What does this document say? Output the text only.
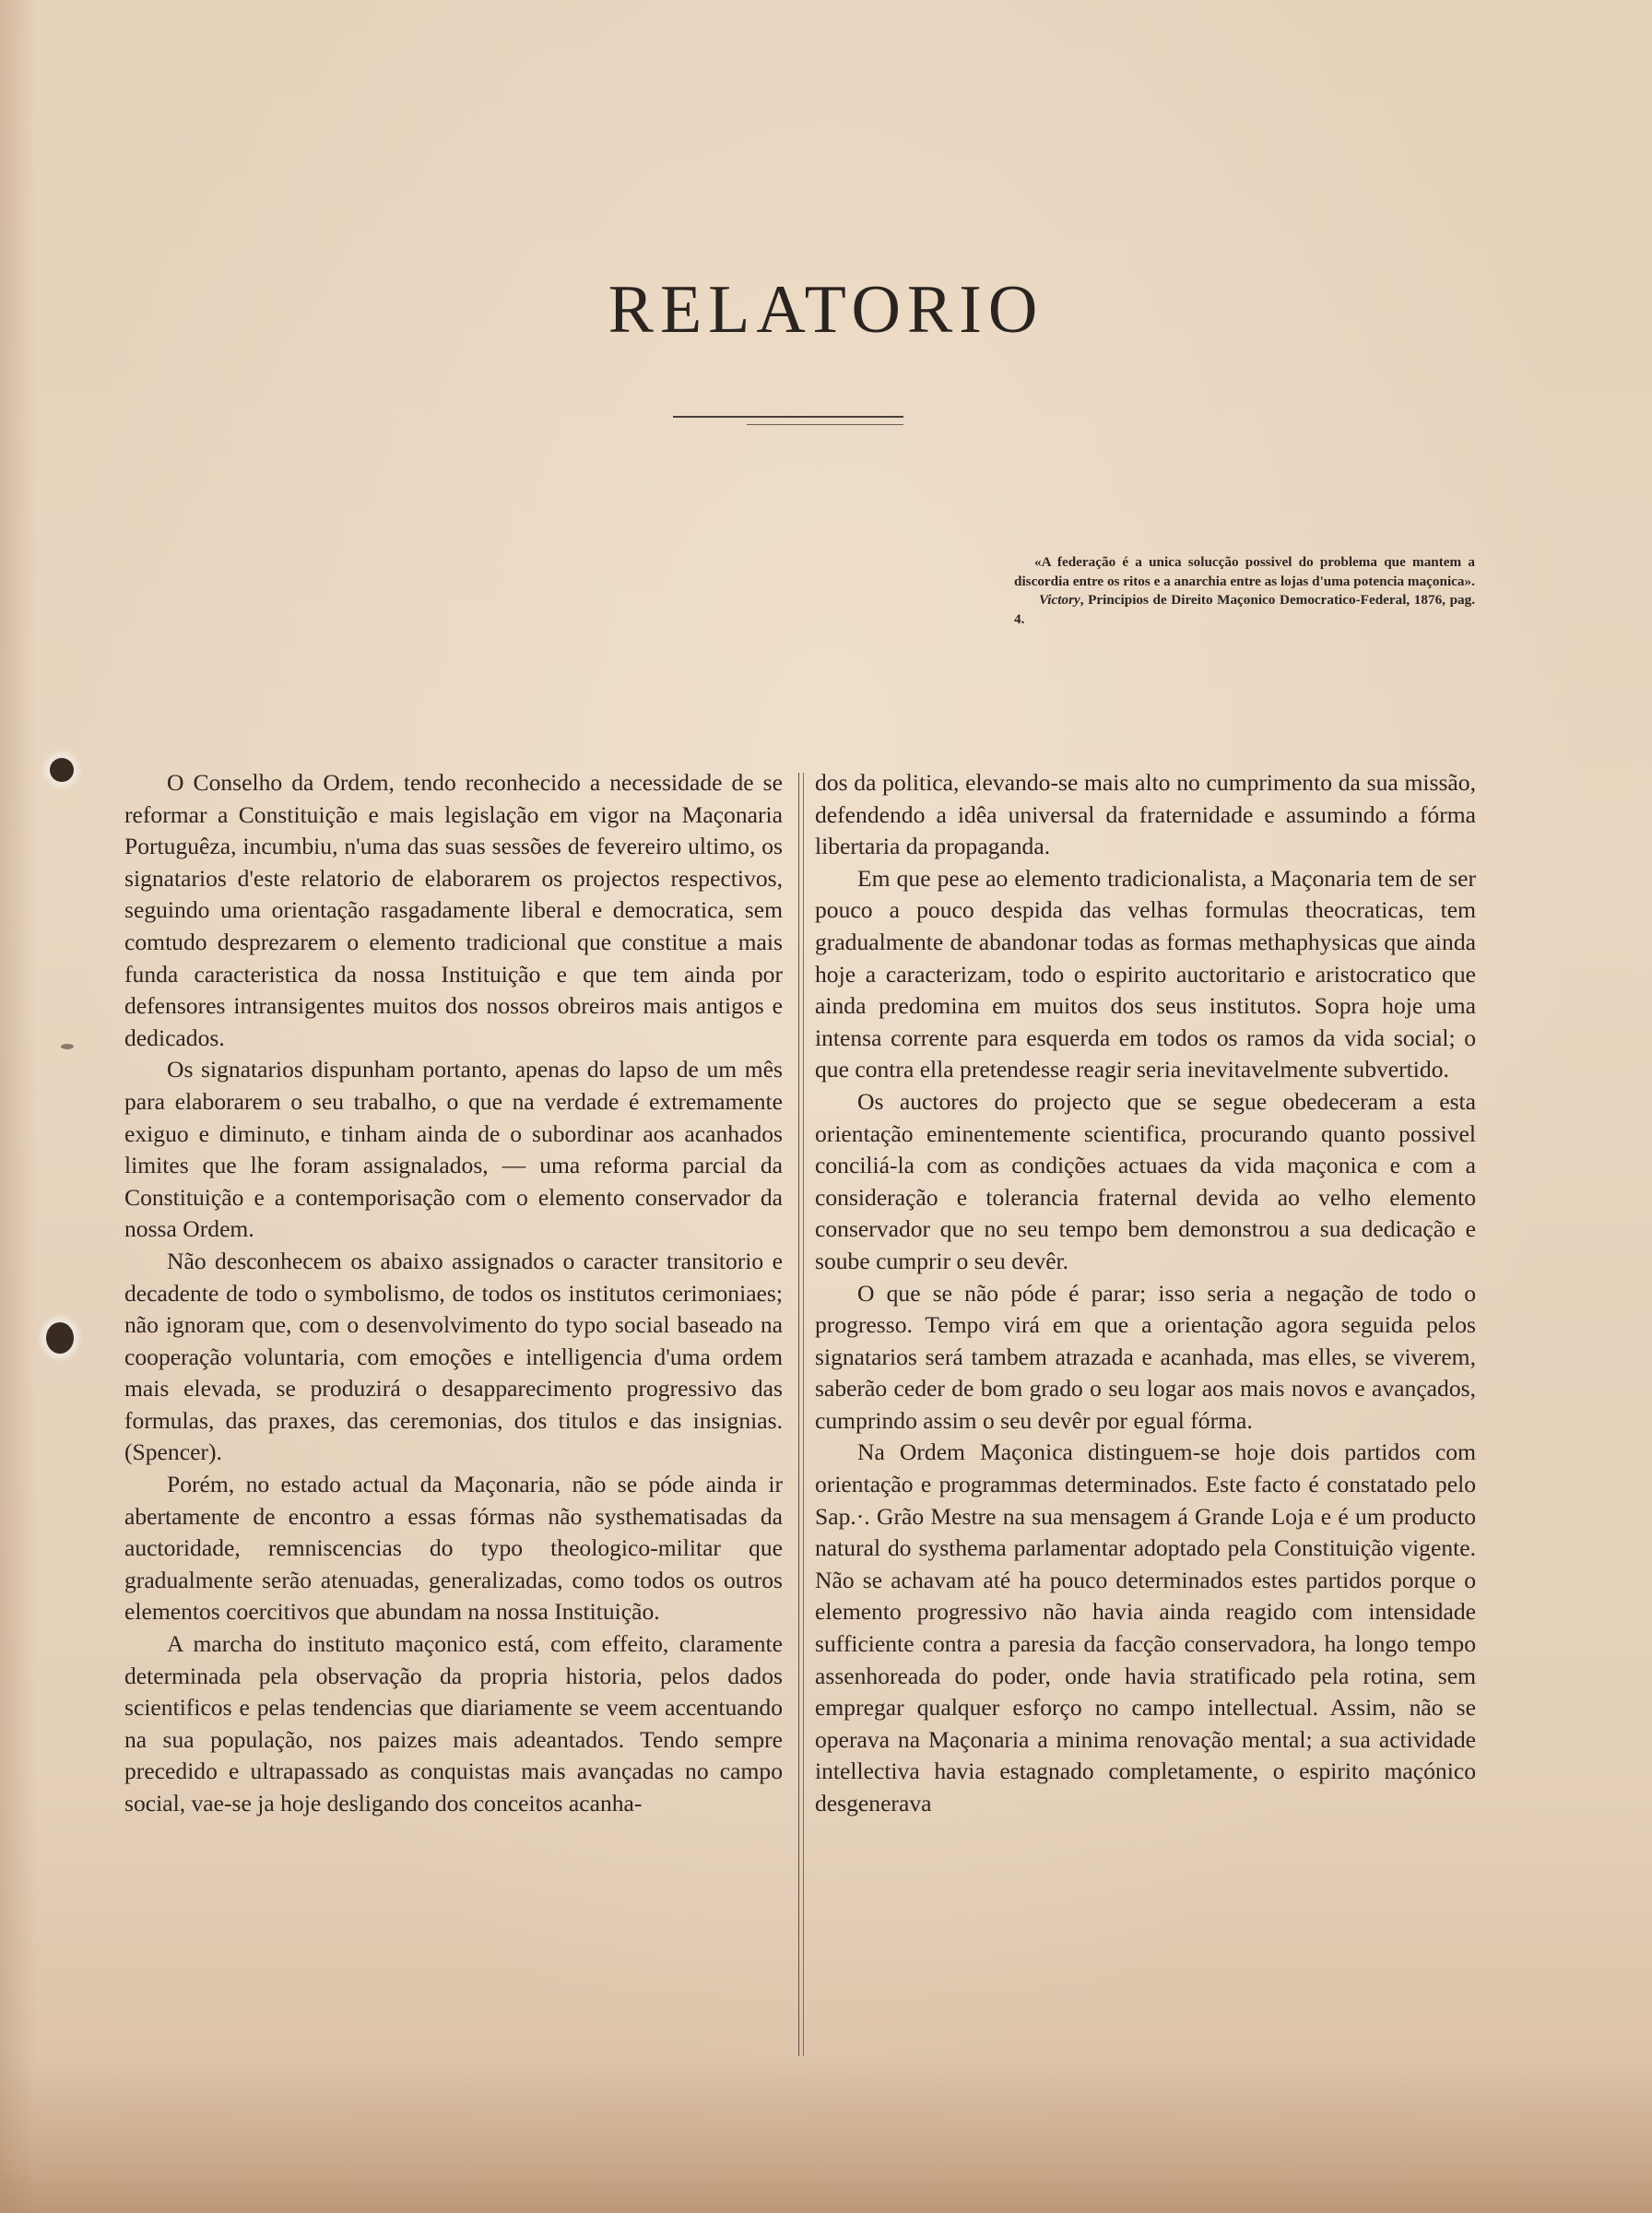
RELATORIO

«A federação é a unica solucção possivel do problema que mantem a discordia entre os ritos e a anarchia entre as lojas d'uma potencia maçonica».

Victory, Principios de Direito Maçonico Democratico-Federal, 1876, pag. 4.

O Conselho da Ordem, tendo reconhecido a necessidade de se reformar a Constituição e mais legislação em vigor na Maçonaria Portuguêza, incumbiu, n'uma das suas sessões de fevereiro ultimo, os signatarios d'este relatorio de elaborarem os projectos respectivos, seguindo uma orientação rasgadamente liberal e democratica, sem comtudo desprezarem o elemento tradicional que constitue a mais funda caracteristica da nossa Instituição e que tem ainda por defensores intransigentes muitos dos nossos obreiros mais antigos e dedicados.

Os signatarios dispunham portanto, apenas do lapso de um mês para elaborarem o seu trabalho, o que na verdade é extremamente exiguo e diminuto, e tinham ainda de o subordinar aos acanhados limites que lhe foram assignalados, — uma reforma parcial da Constituição e a contemporisação com o elemento conservador da nossa Ordem.

Não desconhecem os abaixo assignados o caracter transitorio e decadente de todo o symbolismo, de todos os institutos cerimoniaes; não ignoram que, com o desenvolvimento do typo social baseado na cooperação voluntaria, com emoções e intelligencia d'uma ordem mais elevada, se produzirá o desapparecimento progressivo das formulas, das praxes, das ceremonias, dos titulos e das insignias. (Spencer).

Porém, no estado actual da Maçonaria, não se póde ainda ir abertamente de encontro a essas fórmas não systhematisadas da auctoridade, remniscencias do typo theologico-militar que gradualmente serão atenuadas, generalizadas, como todos os outros elementos coercitivos que abundam na nossa Instituição.

A marcha do instituto maçonico está, com effeito, claramente determinada pela observação da propria historia, pelos dados scientificos e pelas tendencias que diariamente se veem accentuando na sua população, nos paizes mais adeantados. Tendo sempre precedido e ultrapassado as conquistas mais avançadas no campo social, vae-se ja hoje desligando dos conceitos acanha-

dos da politica, elevando-se mais alto no cumprimento da sua missão, defendendo a idêa universal da fraternidade e assumindo a fórma libertaria da propaganda.

Em que pese ao elemento tradicionalista, a Maçonaria tem de ser pouco a pouco despida das velhas formulas theocraticas, tem gradualmente de abandonar todas as formas methaphysicas que ainda hoje a caracterizam, todo o espirito auctoritario e aristocratico que ainda predomina em muitos dos seus institutos. Sopra hoje uma intensa corrente para esquerda em todos os ramos da vida social; o que contra ella pretendesse reagir seria inevitavelmente subvertido.

Os auctores do projecto que se segue obedeceram a esta orientação eminentemente scientifica, procurando quanto possivel conciliá-la com as condições actuaes da vida maçonica e com a consideração e tolerancia fraternal devida ao velho elemento conservador que no seu tempo bem demonstrou a sua dedicação e soube cumprir o seu devêr.

O que se não póde é parar; isso seria a negação de todo o progresso. Tempo virá em que a orientação agora seguida pelos signatarios será tambem atrazada e acanhada, mas elles, se viverem, saberão ceder de bom grado o seu logar aos mais novos e avançados, cumprindo assim o seu devêr por egual fórma.

Na Ordem Maçonica distinguem-se hoje dois partidos com orientação e programmas determinados. Este facto é constatado pelo Sap.·. Grão Mestre na sua mensagem á Grande Loja e é um producto natural do systhema parlamentar adoptado pela Constituição vigente. Não se achavam até ha pouco determinados estes partidos porque o elemento progressivo não havia ainda reagido com intensidade sufficiente contra a paresia da facção conservadora, ha longo tempo assenhoreada do poder, onde havia stratificado pela rotina, sem empregar qualquer esforço no campo intellectual. Assim, não se operava na Maçonaria a minima renovação mental; a sua actividade intellectiva havia estagnado completamente, o espirito maçónico desgenerava
